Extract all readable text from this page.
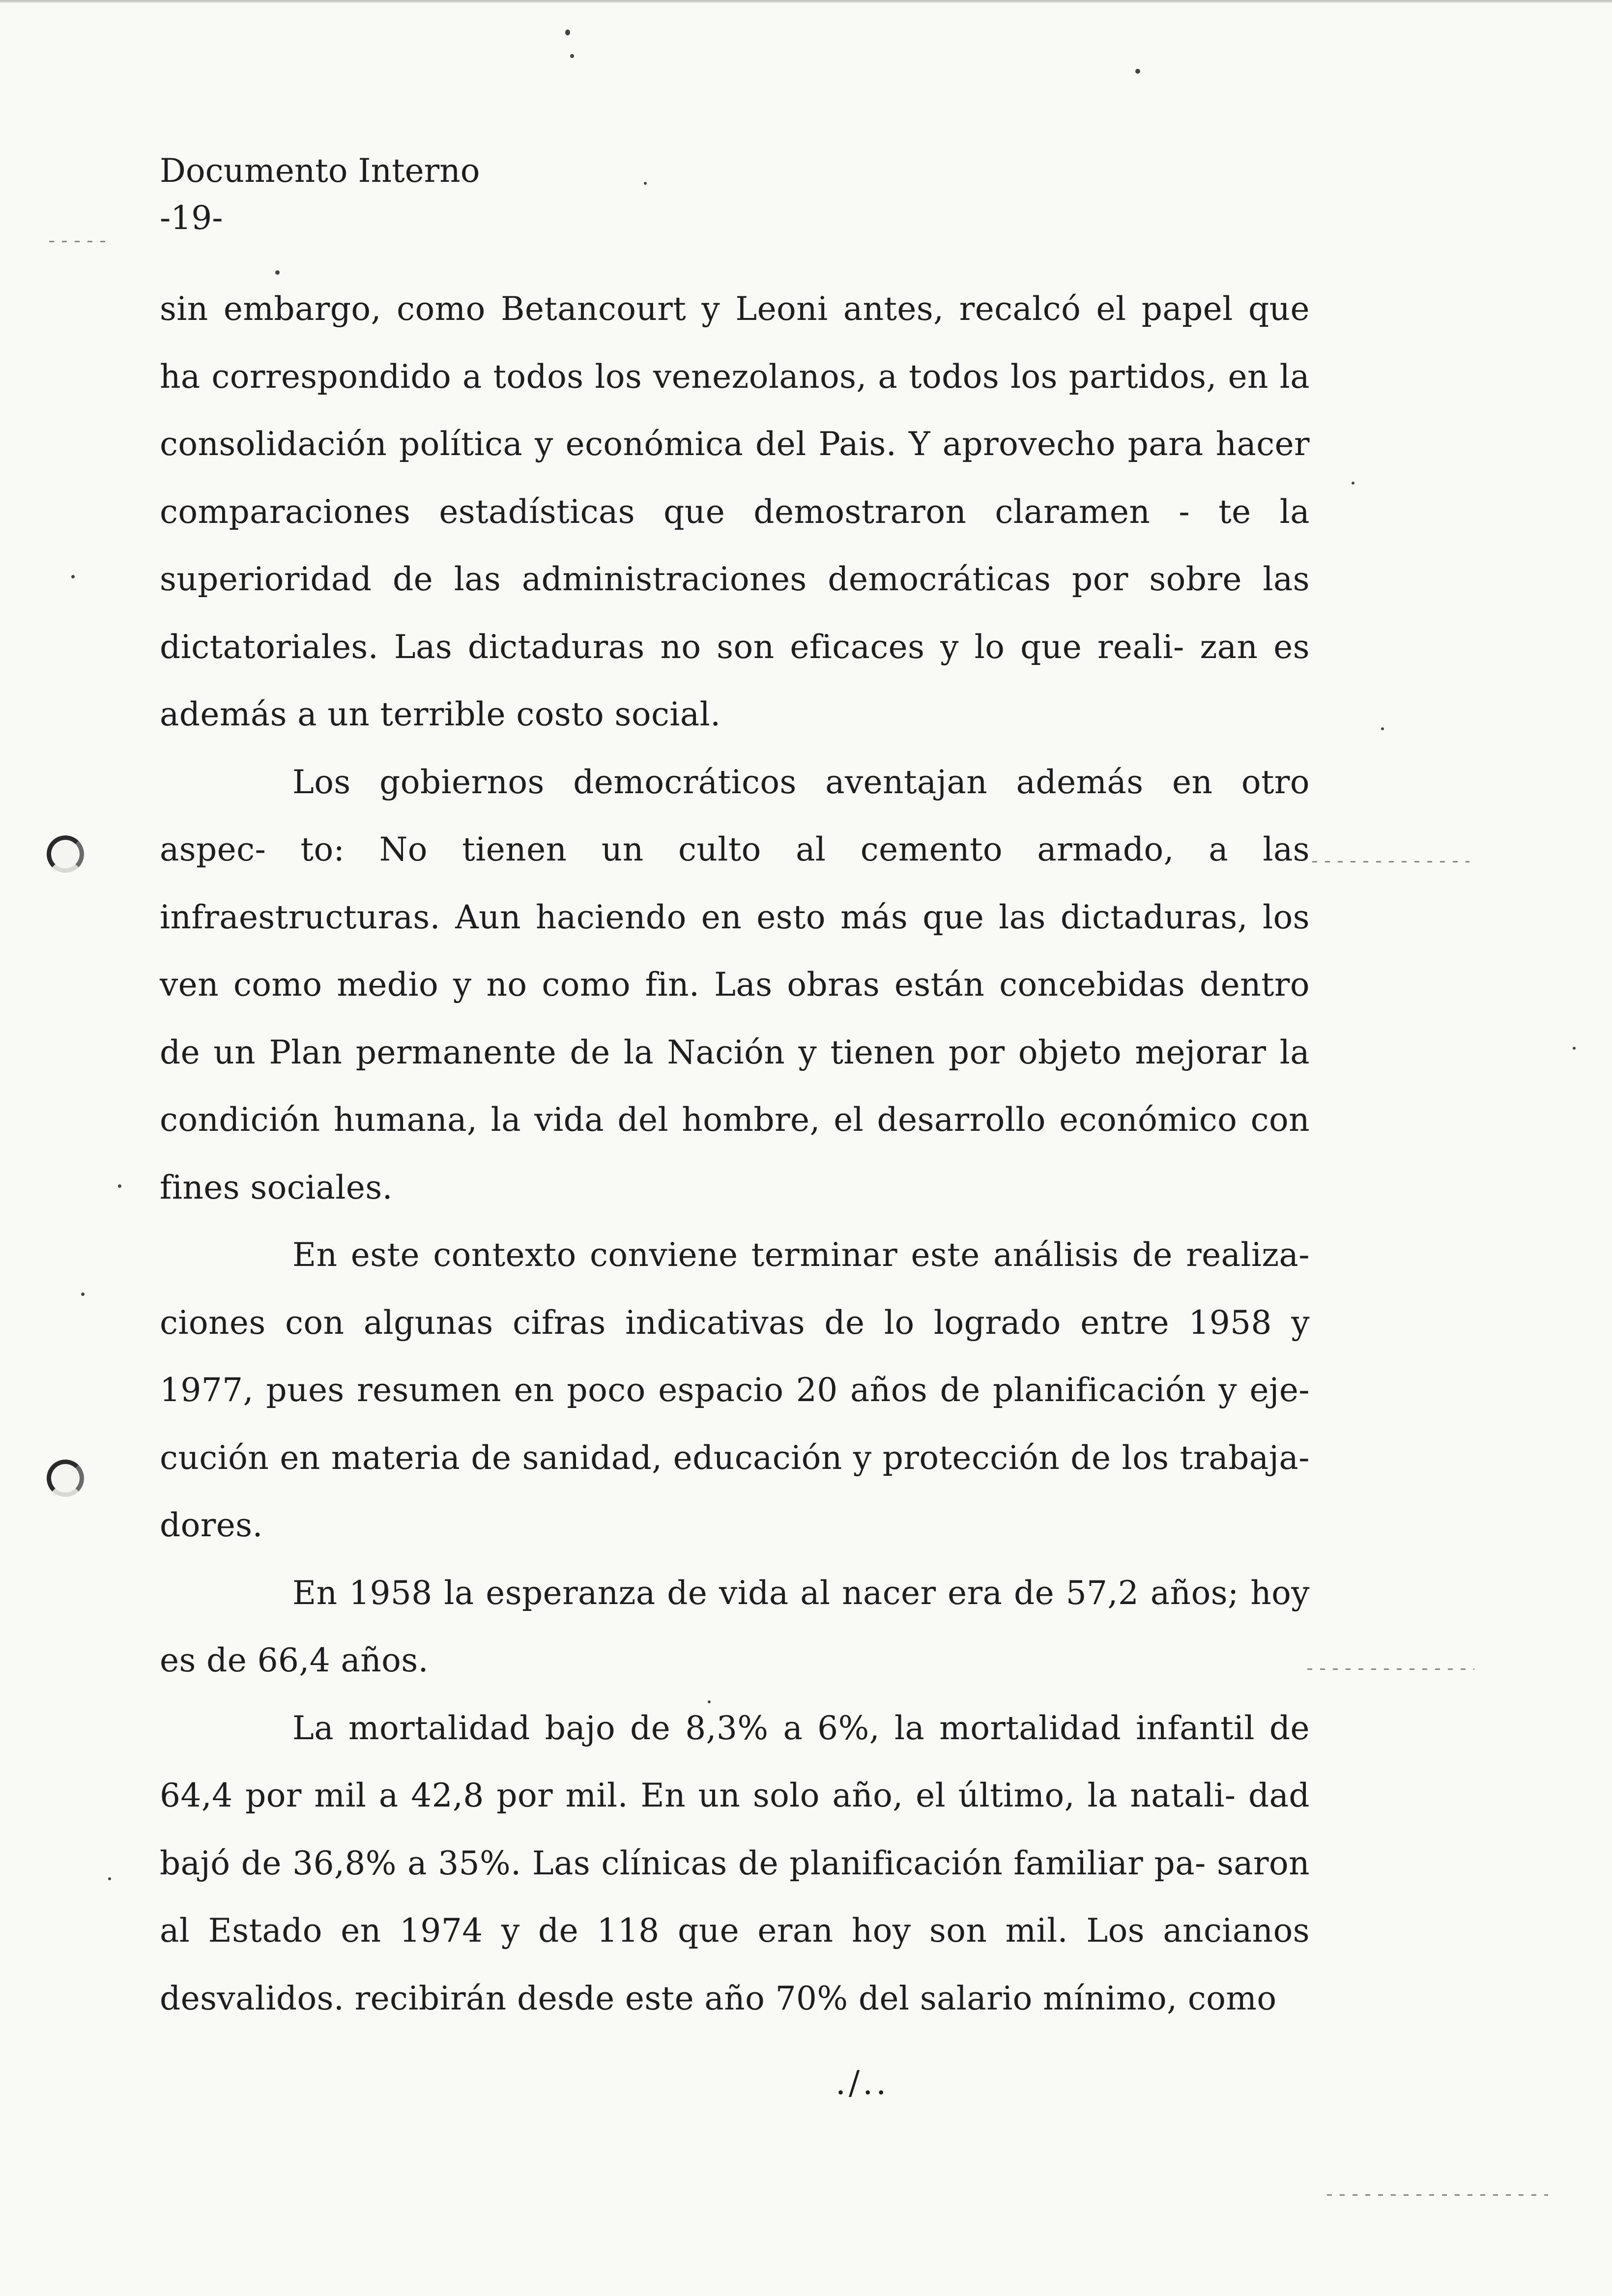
Documento Interno
-19-

sin embargo, como Betancourt y Leoni antes, recalcó el papel que ha correspondido a todos los venezolanos, a todos los partidos, en la consolidación política y económica del Pais. Y aprovecho para hacer comparaciones estadísticas que demostraron claramen - te la superioridad de las administraciones democráticas por sobre las dictatoriales. Las dictaduras no son eficaces y lo que reali- zan es además a un terrible costo social.

Los gobiernos democráticos aventajan además en otro aspec- to: No tienen un culto al cemento armado, a las infraestructuras. Aun haciendo en esto más que las dictaduras, los ven como medio y no como fin. Las obras están concebidas dentro de un Plan permanente de la Nación y tienen por objeto mejorar la condición humana, la vida del hombre, el desarrollo económico con fines sociales.

En este contexto conviene terminar este análisis de realiza- ciones con algunas cifras indicativas de lo logrado entre 1958 y 1977, pues resumen en poco espacio 20 años de planificación y eje- cución en materia de sanidad, educación y protección de los trabaja- dores.

En 1958 la esperanza de vida al nacer era de 57,2 años; hoy es de 66,4 años.

La mortalidad bajo de 8,3% a 6%, la mortalidad infantil de 64,4 por mil a 42,8 por mil. En un solo año, el último, la natali- dad bajó de 36,8% a 35%. Las clínicas de planificación familiar pa- saron al Estado en 1974 y de 118 que eran hoy son mil. Los ancianos desvalidos. recibirán desde este año 70% del salario mínimo, como

./..
